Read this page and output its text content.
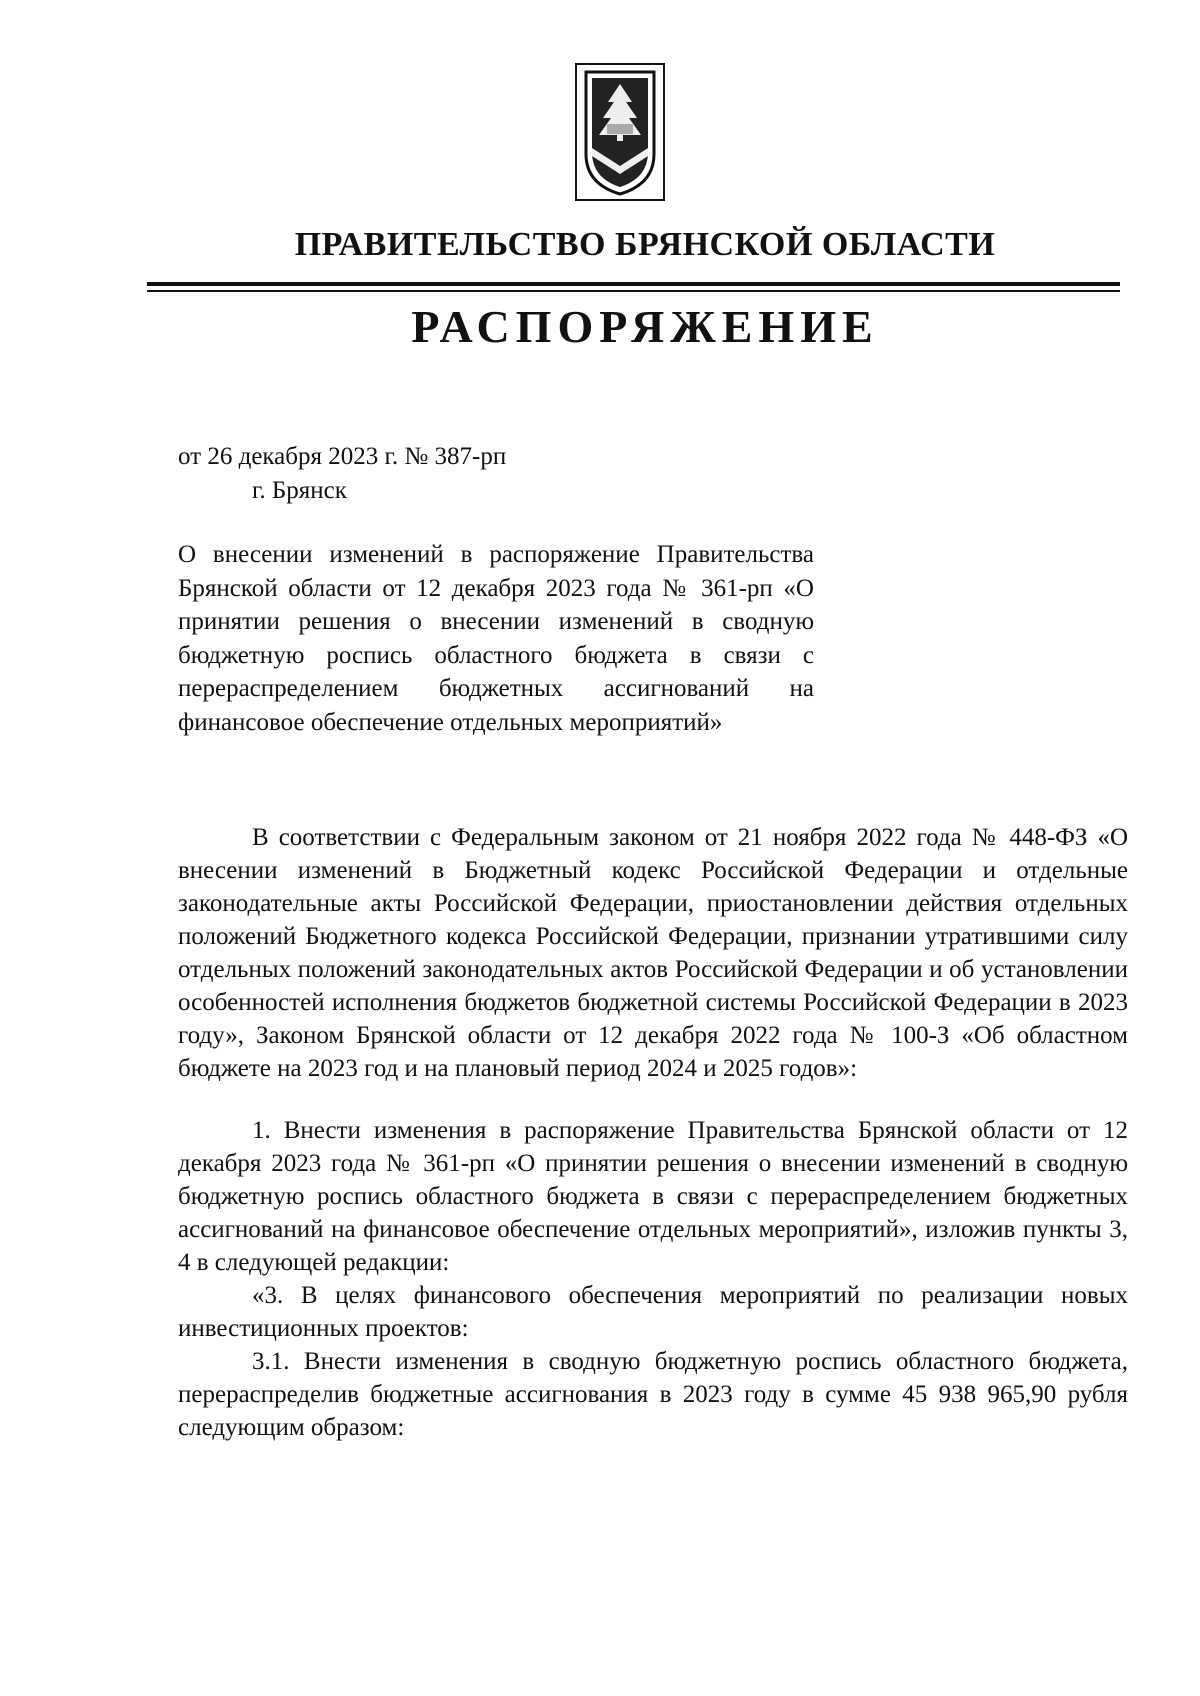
ПРАВИТЕЛЬСТВО БРЯНСКОЙ ОБЛАСТИ
РАСПОРЯЖЕНИЕ
от 26 декабря 2023 г. № 387-рп
г. Брянск
О внесении изменений в распоряжение Правительства Брянской области от 12 декабря 2023 года № 361-рп «О принятии решения о внесении изменений в сводную бюджетную роспись областного бюджета в связи с перераспределением бюджетных ассигнований на финансовое обеспечение отдельных мероприятий»

В соответствии с Федеральным законом от 21 ноября 2022 года № 448-ФЗ «О внесении изменений в Бюджетный кодекс Российской Федерации и отдельные законодательные акты Российской Федерации, приостановлении действия отдельных положений Бюджетного кодекса Российской Федерации, признании утратившими силу отдельных положений законодательных актов Российской Федерации и об установлении особенностей исполнения бюджетов бюджетной системы Российской Федерации в 2023 году», Законом Брянской области от 12 декабря 2022 года № 100-З «Об областном бюджете на 2023 год и на плановый период 2024 и 2025 годов»:

1. Внести изменения в распоряжение Правительства Брянской области от 12 декабря 2023 года № 361-рп «О принятии решения о внесении изменений в сводную бюджетную роспись областного бюджета в связи с перераспределением бюджетных ассигнований на финансовое обеспечение отдельных мероприятий», изложив пункты 3, 4 в следующей редакции:

«3. В целях финансового обеспечения мероприятий по реализации новых инвестиционных проектов:

3.1. Внести изменения в сводную бюджетную роспись областного бюджета, перераспределив бюджетные ассигнования в 2023 году в сумме 45 938 965,90 рубля следующим образом:
